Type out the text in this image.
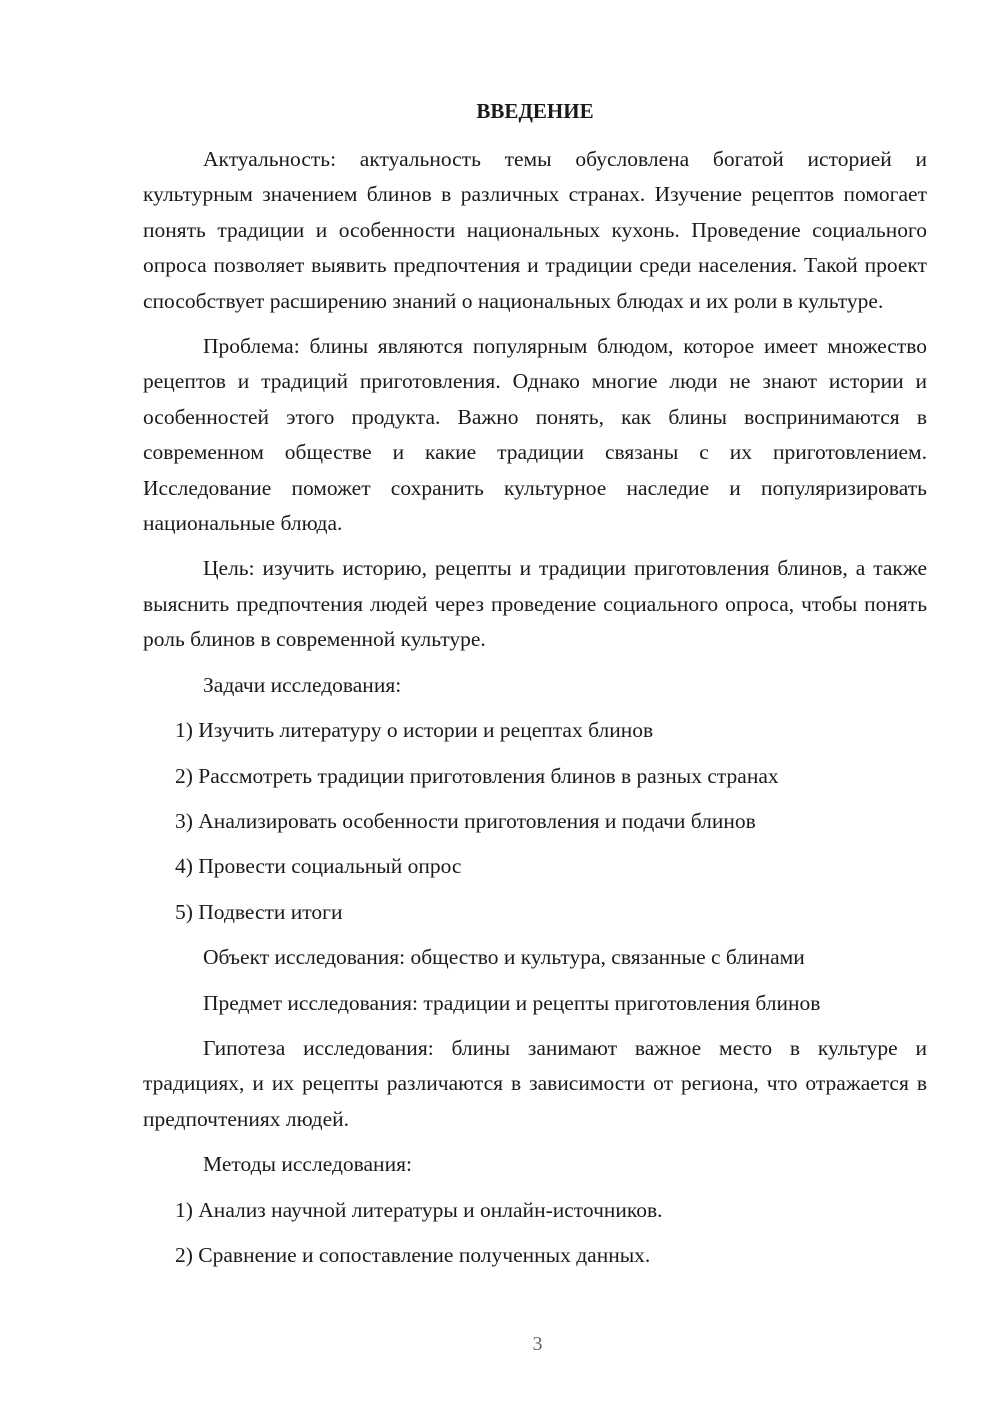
ВВЕДЕНИЕ

Актуальность: актуальность темы обусловлена богатой историей и культурным значением блинов в различных странах. Изучение рецептов помогает понять традиции и особенности национальных кухонь. Проведение социального опроса позволяет выявить предпочтения и традиции среди населения. Такой проект способствует расширению знаний о национальных блюдах и их роли в культуре.

Проблема: блины являются популярным блюдом, которое имеет множество рецептов и традиций приготовления. Однако многие люди не знают истории и особенностей этого продукта. Важно понять, как блины воспринимаются в современном обществе и какие традиции связаны с их приготовлением. Исследование поможет сохранить культурное наследие и популяризировать национальные блюда.

Цель: изучить историю, рецепты и традиции приготовления блинов, а также выяснить предпочтения людей через проведение социального опроса, чтобы понять роль блинов в современной культуре.

Задачи исследования:
1) Изучить литературу о истории и рецептах блинов
2) Рассмотреть традиции приготовления блинов в разных странах
3) Анализировать особенности приготовления и подачи блинов
4) Провести социальный опрос
5) Подвести итоги
Объект исследования: общество и культура, связанные с блинами
Предмет исследования: традиции и рецепты приготовления блинов

Гипотеза исследования: блины занимают важное место в культуре и традициях, и их рецепты различаются в зависимости от региона, что отражается в предпочтениях людей.

Методы исследования:
1) Анализ научной литературы и онлайн-источников.
2) Сравнение и сопоставление полученных данных.
3
